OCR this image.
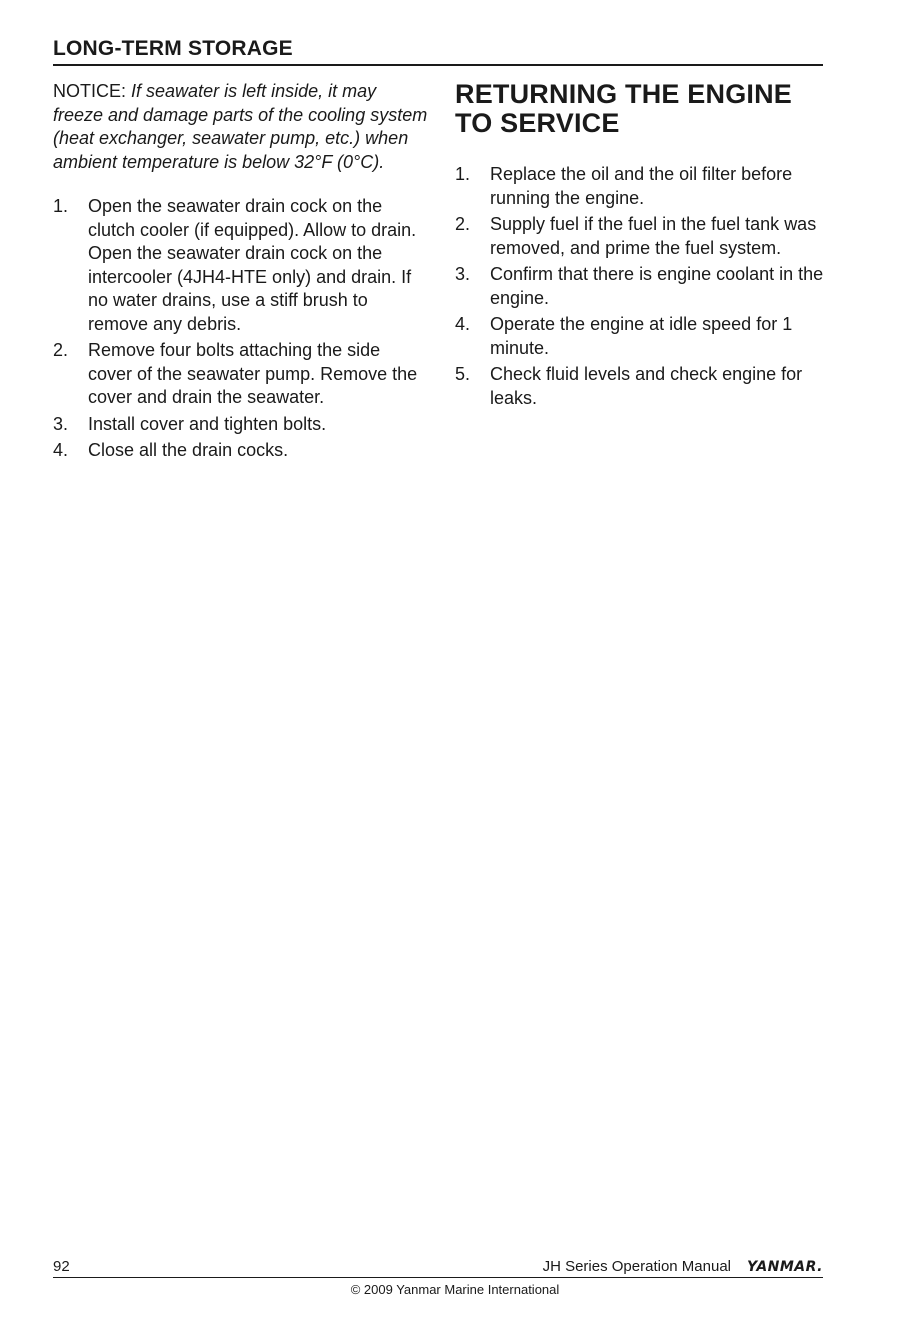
LONG-TERM STORAGE

NOTICE: If seawater is left inside, it may freeze and damage parts of the cooling system (heat exchanger, seawater pump, etc.) when ambient temperature is below 32°F (0°C).

1. Open the seawater drain cock on the clutch cooler (if equipped). Allow to drain. Open the seawater drain cock on the intercooler (4JH4-HTE only) and drain. If no water drains, use a stiff brush to remove any debris.
2. Remove four bolts attaching the side cover of the seawater pump. Remove the cover and drain the seawater.
3. Install cover and tighten bolts.
4. Close all the drain cocks.
RETURNING THE ENGINE TO SERVICE
1. Replace the oil and the oil filter before running the engine.
2. Supply fuel if the fuel in the fuel tank was removed, and prime the fuel system.
3. Confirm that there is engine coolant in the engine.
4. Operate the engine at idle speed for 1 minute.
5. Check fluid levels and check engine for leaks.
92	JH Series Operation Manual YANMAR.
© 2009 Yanmar Marine International
